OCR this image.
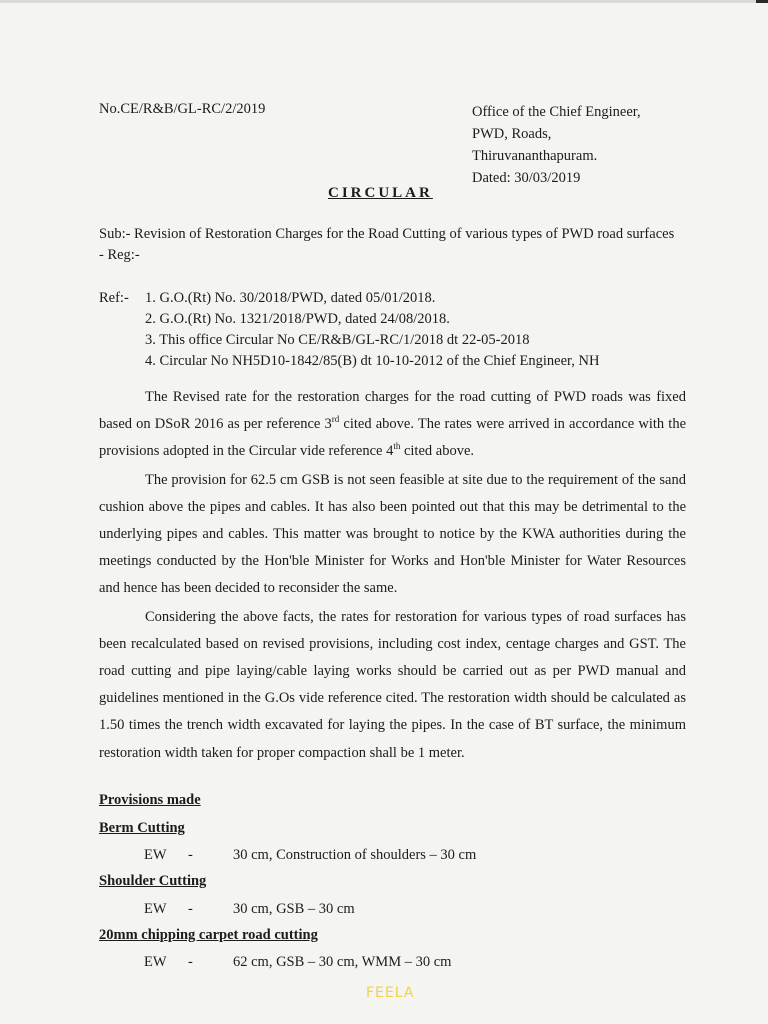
No.CE/R&B/GL-RC/2/2019	Office of the Chief Engineer,
PWD, Roads,
Thiruvananthapuram.
Dated: 30/03/2019
CIRCULAR
Sub:- Revision of Restoration Charges for the Road Cutting of various types of PWD road surfaces - Reg:-
Ref:- 1. G.O.(Rt) No. 30/2018/PWD, dated 05/01/2018.
2. G.O.(Rt) No. 1321/2018/PWD, dated 24/08/2018.
3. This office Circular No CE/R&B/GL-RC/1/2018 dt 22-05-2018
4. Circular No NH5D10-1842/85(B) dt 10-10-2012 of the Chief Engineer, NH

The Revised rate for the restoration charges for the road cutting of PWD roads was fixed based on DSoR 2016 as per reference 3rd cited above. The rates were arrived in accordance with the provisions adopted in the Circular vide reference 4th cited above.

The provision for 62.5 cm GSB is not seen feasible at site due to the requirement of the sand cushion above the pipes and cables. It has also been pointed out that this may be detrimental to the underlying pipes and cables. This matter was brought to notice by the KWA authorities during the meetings conducted by the Hon'ble Minister for Works and Hon'ble Minister for Water Resources and hence has been decided to reconsider the same.

Considering the above facts, the rates for restoration for various types of road surfaces has been recalculated based on revised provisions, including cost index, centage charges and GST. The road cutting and pipe laying/cable laying works should be carried out as per PWD manual and guidelines mentioned in the G.Os vide reference cited. The restoration width should be calculated as 1.50 times the trench width excavated for laying the pipes. In the case of BT surface, the minimum restoration width taken for proper compaction shall be 1 meter.

Provisions made
Berm Cutting
EW -	30 cm, Construction of shoulders – 30 cm
Shoulder Cutting
EW -	30 cm, GSB – 30 cm
20mm chipping carpet road cutting
EW -	62 cm, GSB – 30 cm, WMM – 30 cm
FEELA
